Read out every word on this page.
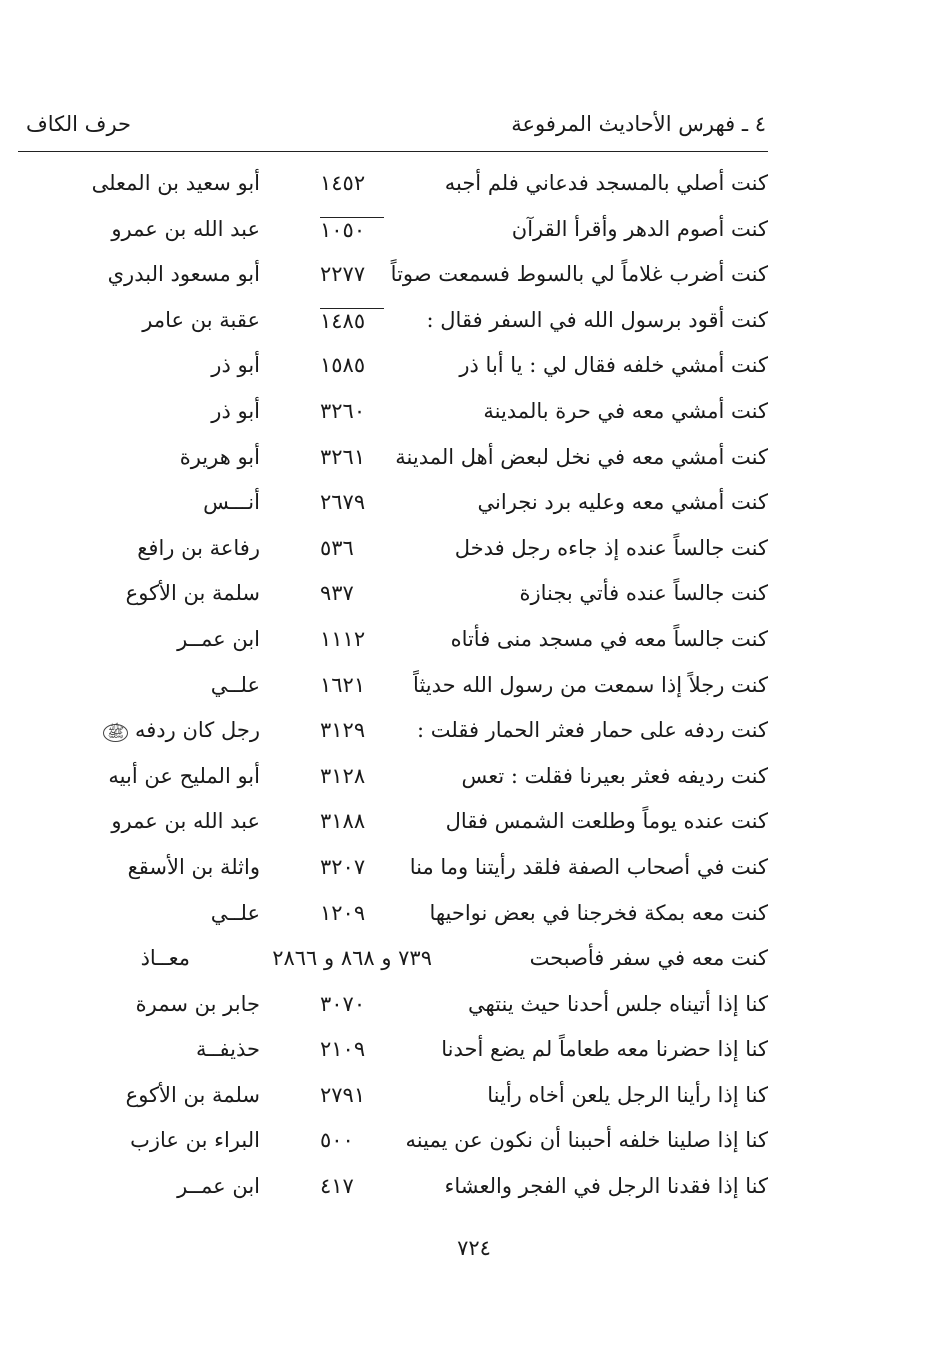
٤ ـ فهرس الأحاديث المرفوعة
حرف الكاف
كنت أصلي بالمسجد فدعاني فلم أجبه
١٤٥٢
أبو سعيد بن المعلى
كنت أصوم الدهر وأقرأ القرآن
١٠٥٠
عبد الله بن عمرو
كنت أضرب غلاماً لي بالسوط فسمعت صوتاً
٢٢٧٧
أبو مسعود البدري
كنت أقود برسول الله في السفر فقال :
١٤٨٥
عقبة بن عامر
كنت أمشي خلفه فقال لي : يا أبا ذر
١٥٨٥
أبو ذر
كنت أمشي معه في حرة بالمدينة
٣٢٦٠
أبو ذر
كنت أمشي معه في نخل لبعض أهل المدينة
٣٢٦١
أبو هريرة
كنت أمشي معه وعليه برد نجراني
٢٦٧٩
أنـــس
كنت جالساً عنده إذ جاءه رجل فدخل
٥٣٦
رفاعة بن رافع
كنت جالساً عنده فأتي بجنازة
٩٣٧
سلمة بن الأكوع
كنت جالساً معه في مسجد منى فأتاه
١١١٢
ابن عمــر
كنت رجلاً إذا سمعت من رسول الله حديثاً
١٦٢١
علــي
كنت ردفه على حمار فعثر الحمار فقلت :
٣١٢٩
رجل كان ردفه ﷺ
كنت رديفه فعثر بعيرنا فقلت : تعس
٣١٢٨
أبو المليح عن أبيه
كنت عنده يوماً وطلعت الشمس فقال
٣١٨٨
عبد الله بن عمرو
كنت في أصحاب الصفة فلقد رأيتنا وما منا
٣٢٠٧
واثلة بن الأسقع
كنت معه بمكة فخرجنا في بعض نواحيها
١٢٠٩
علــي
كنت معه في سفر فأصبحت
٧٣٩ و ٨٦٨ و ٢٨٦٦
معــاذ
كنا إذا أتيناه جلس أحدنا حيث ينتهي
٣٠٧٠
جابر بن سمرة
كنا إذا حضرنا معه طعاماً لم يضع أحدنا
٢١٠٩
حذيفــة
كنا إذا رأينا الرجل يلعن أخاه رأينا
٢٧٩١
سلمة بن الأكوع
كنا إذا صلينا خلفه أحببنا أن نكون عن يمينه
٥٠٠
البراء بن عازب
كنا إذا فقدنا الرجل في الفجر والعشاء
٤١٧
ابن عمــر
٧٢٤
